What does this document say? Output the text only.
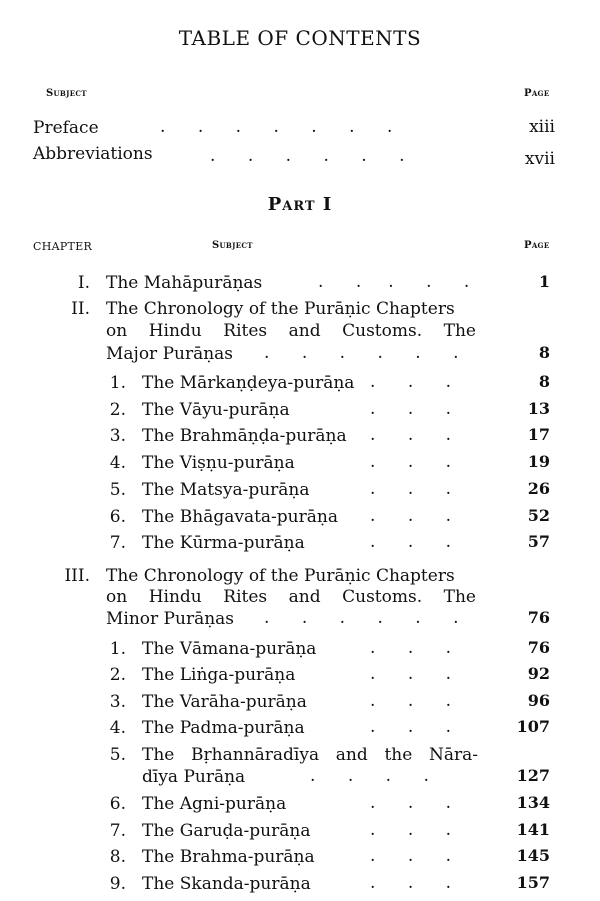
TABLE OF CONTENTS
Subject	Page
Preface	.      .      .      .      .      .      .	xiii
Abbreviations	.      .      .      .      .      .	xvii
Part I
CHAPTER	Subject	Page
I. The Mahāpurāṇas	.      .     .      .      .	1
II. The Chronology of the Purāṇic Chapters
on Hindu Rites and Customs. The
Major Purāṇas .      .      .      .      .      .	8
1. The Mārkaṇḍeya-purāṇa .      .      .	8
2. The Vāyu-purāṇa	.      .      .	13
3. The Brahmāṇḍa-purāṇa .      .      .	17
4. The Viṣṇu-purāṇa	.      .      .	19
5. The Matsya-purāṇa	.      .      .	26
6. The Bhāgavata-purāṇa .      .      .	52
7. The Kūrma-purāṇa	.      .      .	57
III. The Chronology of the Purāṇic Chapters
on Hindu Rites and Customs. The
Minor Purāṇas .      .      .      .      .      .	76
1. The Vāmana-purāṇa	.      .      .	76
2. The Liṅga-purāṇa	.      .      .	92
3. The Varāha-purāṇa	.      .      .	96
4. The Padma-purāṇa	.      .      .	107
5. The Bṛhannāradīya and the Nāra-
dīya Purāṇa	.      .      .      .	127
6. The Agni-purāṇa	.      .      .	134
7. The Garuḍa-purāṇa	.      .      .	141
8. The Brahma-purāṇa	.      .      .	145
9. The Skanda-purāṇa	.      .      .	157
